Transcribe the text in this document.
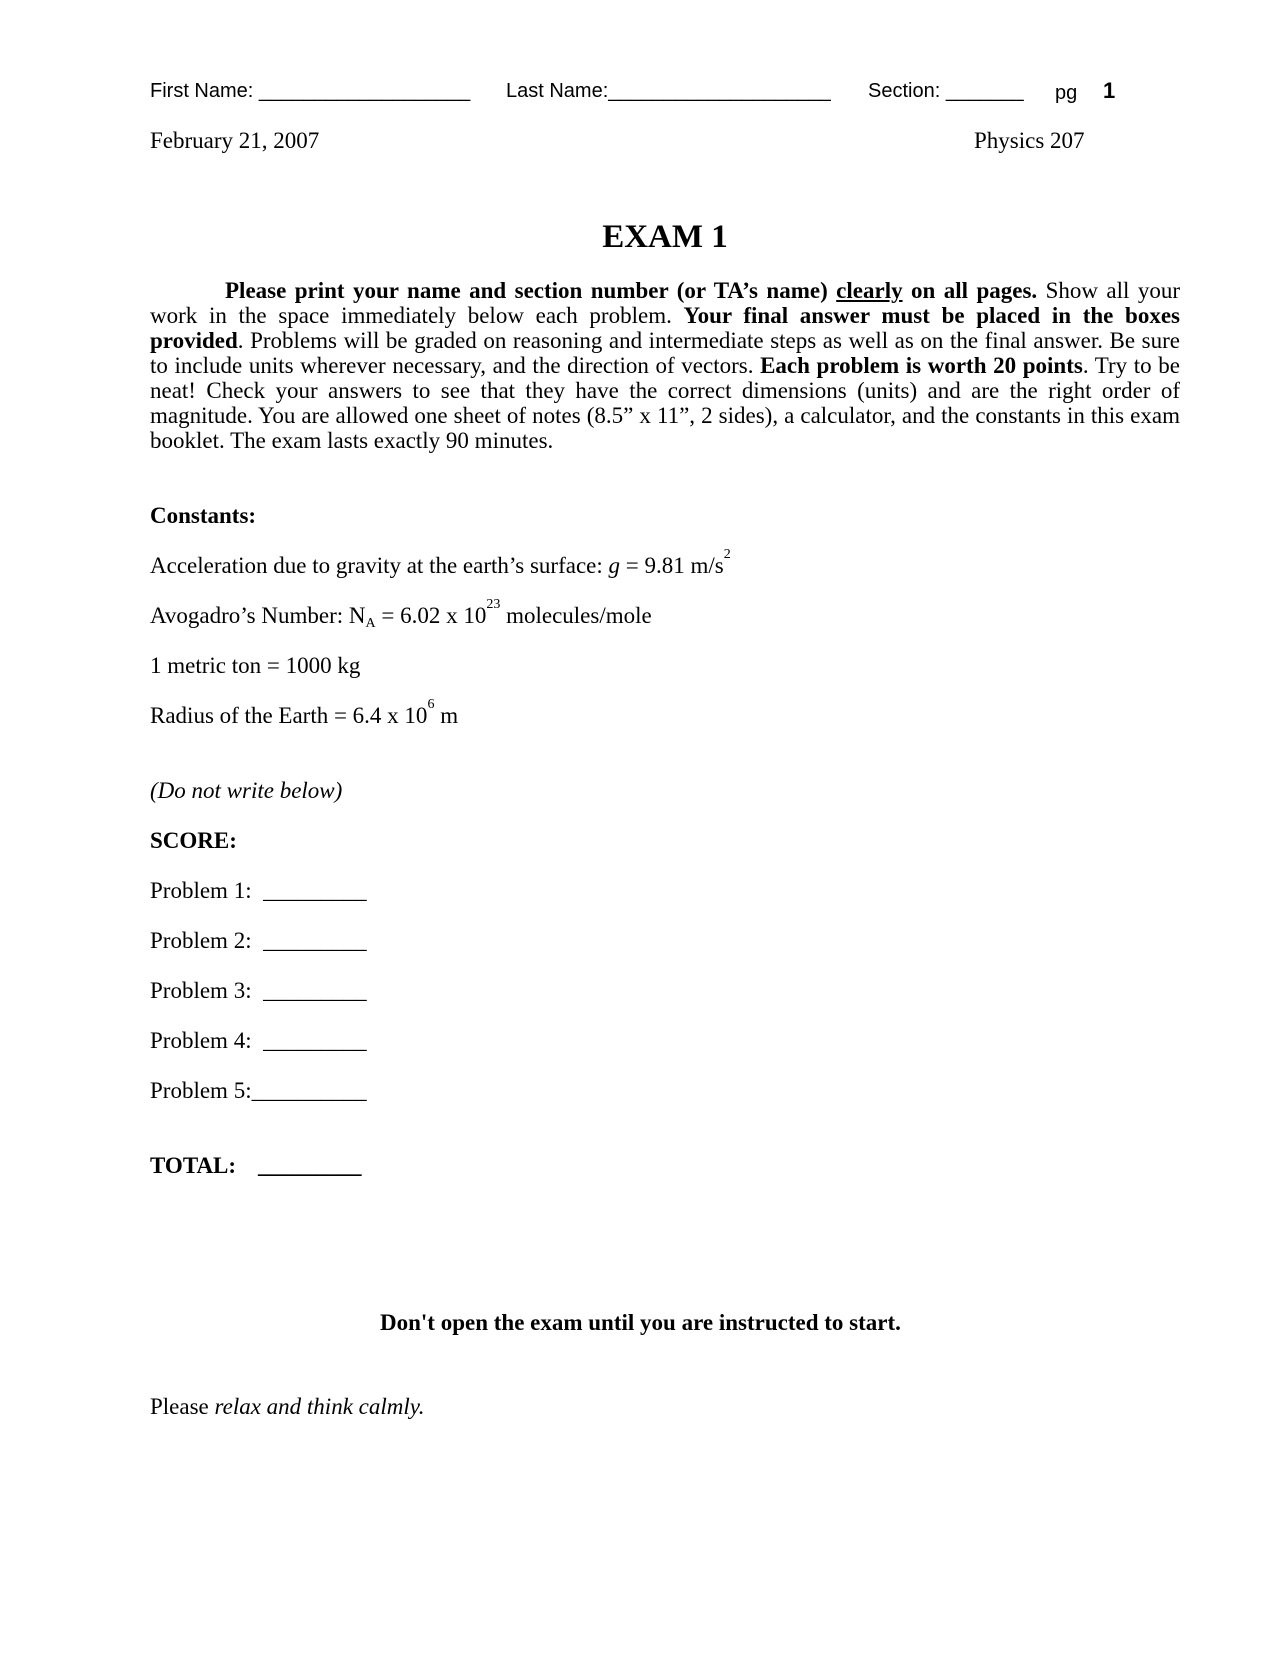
First Name: ___________________ Last Name:____________________ Section: _______ pg 1
February 21, 2007	Physics 207
EXAM 1
Please print your name and section number (or TA’s name) clearly on all pages. Show all your work in the space immediately below each problem. Your final answer must be placed in the boxes provided. Problems will be graded on reasoning and intermediate steps as well as on the final answer. Be sure to include units wherever necessary, and the direction of vectors. Each problem is worth 20 points. Try to be neat! Check your answers to see that they have the correct dimensions (units) and are the right order of magnitude. You are allowed one sheet of notes (8.5” x 11”, 2 sides), a calculator, and the constants in this exam booklet. The exam lasts exactly 90 minutes.
Constants:
Acceleration due to gravity at the earth’s surface: g = 9.81 $m/s^2$
Avogadro’s Number: $N_A = 6.02$ x $10^{23}$ molecules/mole
1 metric ton = 1000 kg
Radius of the Earth = 6.4 x $10^6$ m
(Do not write below)
SCORE:
Problem 1:  _________
Problem 2:  _________
Problem 3:  _________
Problem 4:  _________
Problem 5:__________
TOTAL: _________
Don't open the exam until you are instructed to start.
Please relax and think calmly.
